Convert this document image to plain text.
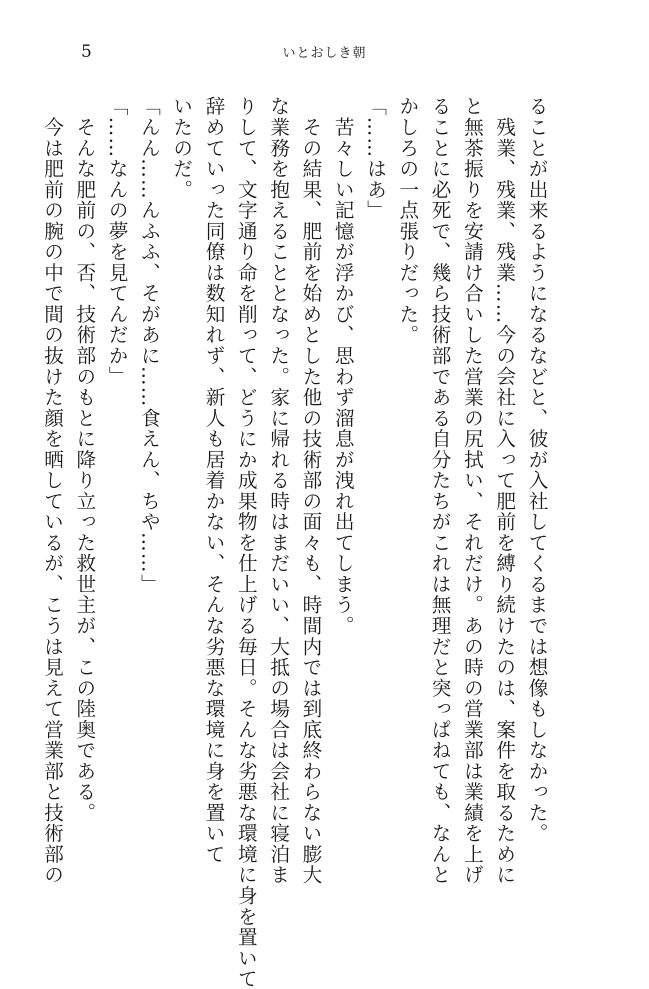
5	いとおしき朝
ることが出来るようになるなどと、彼が入社してくるまでは想像もしなかった。
　残業、残業、残業……今の会社に入って肥前を縛り続けたのは、案件を取るために
と無茶振りを安請け合いした営業の尻拭い、それだけ。あの時の営業部は業績を上げ
ることに必死で、幾ら技術部である自分たちがこれは無理だと突っぱねても、なんと
かしろの一点張りだった。
「……はあ」
　苦々しい記憶が浮かび、思わず溜息が洩れ出てしまう。
　その結果、肥前を始めとした他の技術部の面々も、時間内では到底終わらない膨大
な業務を抱えることとなった。家に帰れる時はまだいい、大抵の場合は会社に寝泊ま
りして、文字通り命を削って、どうにか成果物を仕上げる毎日。そんな劣悪な環境に身を置いて
辞めていった同僚は数知れず、新人も居着かない、そんな劣悪な環境に身を置いて
いたのだ。
「んん……んふふ、そがあに……食えん、ちや……」
「……なんの夢を見てんだか」
　そんな肥前の、否、技術部のもとに降り立った救世主が、この陸奥である。
　今は肥前の腕の中で間の抜けた顔を晒しているが、こうは見えて営業部と技術部の
